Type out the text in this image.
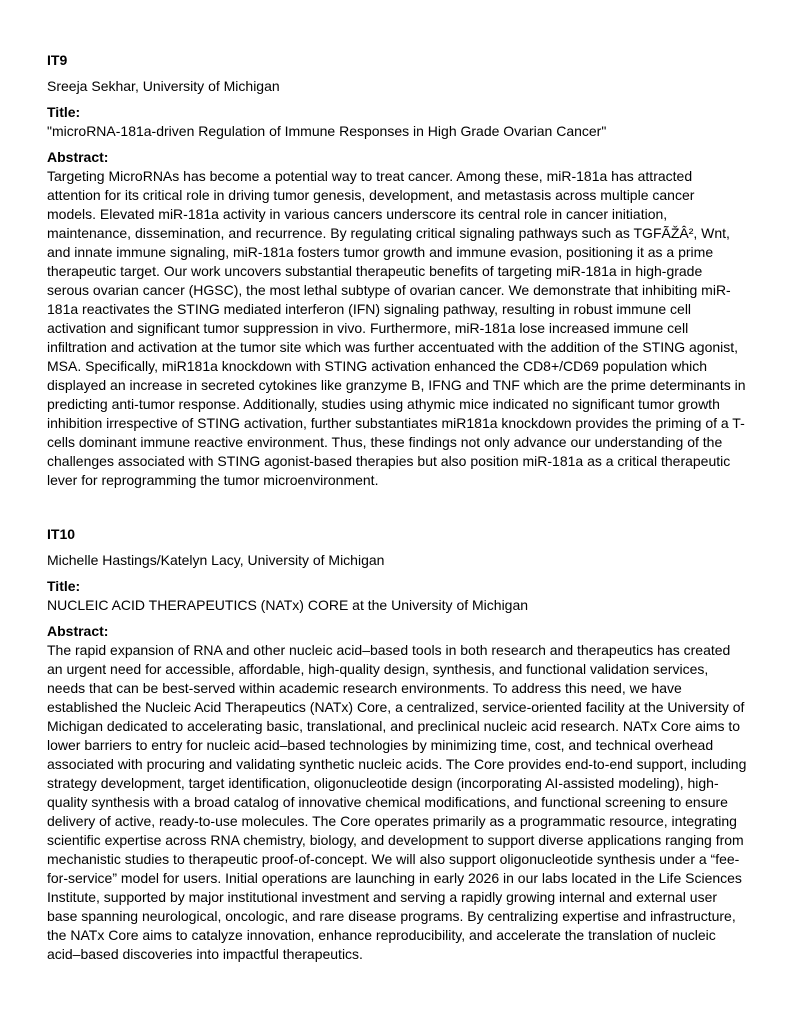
IT9

Sreeja Sekhar, University of Michigan

Title:

"microRNA-181a-driven Regulation of Immune Responses in High Grade Ovarian Cancer"

Abstract:

Targeting MicroRNAs has become a potential way to treat cancer. Among these, miR-181a has attracted attention for its critical role in driving tumor genesis, development, and metastasis across multiple cancer models. Elevated miR-181a activity in various cancers underscore its central role in cancer initiation, maintenance, dissemination, and recurrence. By regulating critical signaling pathways such as TGFÃŽÂ², Wnt, and innate immune signaling, miR-181a fosters tumor growth and immune evasion, positioning it as a prime therapeutic target. Our work uncovers substantial therapeutic benefits of targeting miR-181a in high-grade serous ovarian cancer (HGSC), the most lethal subtype of ovarian cancer. We demonstrate that inhibiting miR-181a reactivates the STING mediated interferon (IFN) signaling pathway, resulting in robust immune cell activation and significant tumor suppression in vivo. Furthermore, miR-181a lose increased immune cell infiltration and activation at the tumor site which was further accentuated with the addition of the STING agonist, MSA. Specifically, miR181a knockdown with STING activation enhanced the CD8+/CD69 population which displayed an increase in secreted cytokines like granzyme B, IFNG and TNF which are the prime determinants in predicting anti-tumor response. Additionally, studies using athymic mice indicated no significant tumor growth inhibition irrespective of STING activation, further substantiates miR181a knockdown provides the priming of a T-cells dominant immune reactive environment. Thus, these findings not only advance our understanding of the challenges associated with STING agonist-based therapies but also position miR-181a as a critical therapeutic lever for reprogramming the tumor microenvironment.

IT10

Michelle Hastings/Katelyn Lacy, University of Michigan

Title:

NUCLEIC ACID THERAPEUTICS (NATx) CORE at the University of Michigan

Abstract:

The rapid expansion of RNA and other nucleic acid–based tools in both research and therapeutics has created an urgent need for accessible, affordable, high-quality design, synthesis, and functional validation services, needs that can be best-served within academic research environments. To address this need, we have established the Nucleic Acid Therapeutics (NATx) Core, a centralized, service-oriented facility at the University of Michigan dedicated to accelerating basic, translational, and preclinical nucleic acid research. NATx Core aims to lower barriers to entry for nucleic acid–based technologies by minimizing time, cost, and technical overhead associated with procuring and validating synthetic nucleic acids. The Core provides end-to-end support, including strategy development, target identification, oligonucleotide design (incorporating AI-assisted modeling), high-quality synthesis with a broad catalog of innovative chemical modifications, and functional screening to ensure delivery of active, ready-to-use molecules. The Core operates primarily as a programmatic resource, integrating scientific expertise across RNA chemistry, biology, and development to support diverse applications ranging from mechanistic studies to therapeutic proof-of-concept. We will also support oligonucleotide synthesis under a “fee-for-service” model for users. Initial operations are launching in early 2026 in our labs located in the Life Sciences Institute, supported by major institutional investment and serving a rapidly growing internal and external user base spanning neurological, oncologic, and rare disease programs. By centralizing expertise and infrastructure, the NATx Core aims to catalyze innovation, enhance reproducibility, and accelerate the translation of nucleic acid–based discoveries into impactful therapeutics.
